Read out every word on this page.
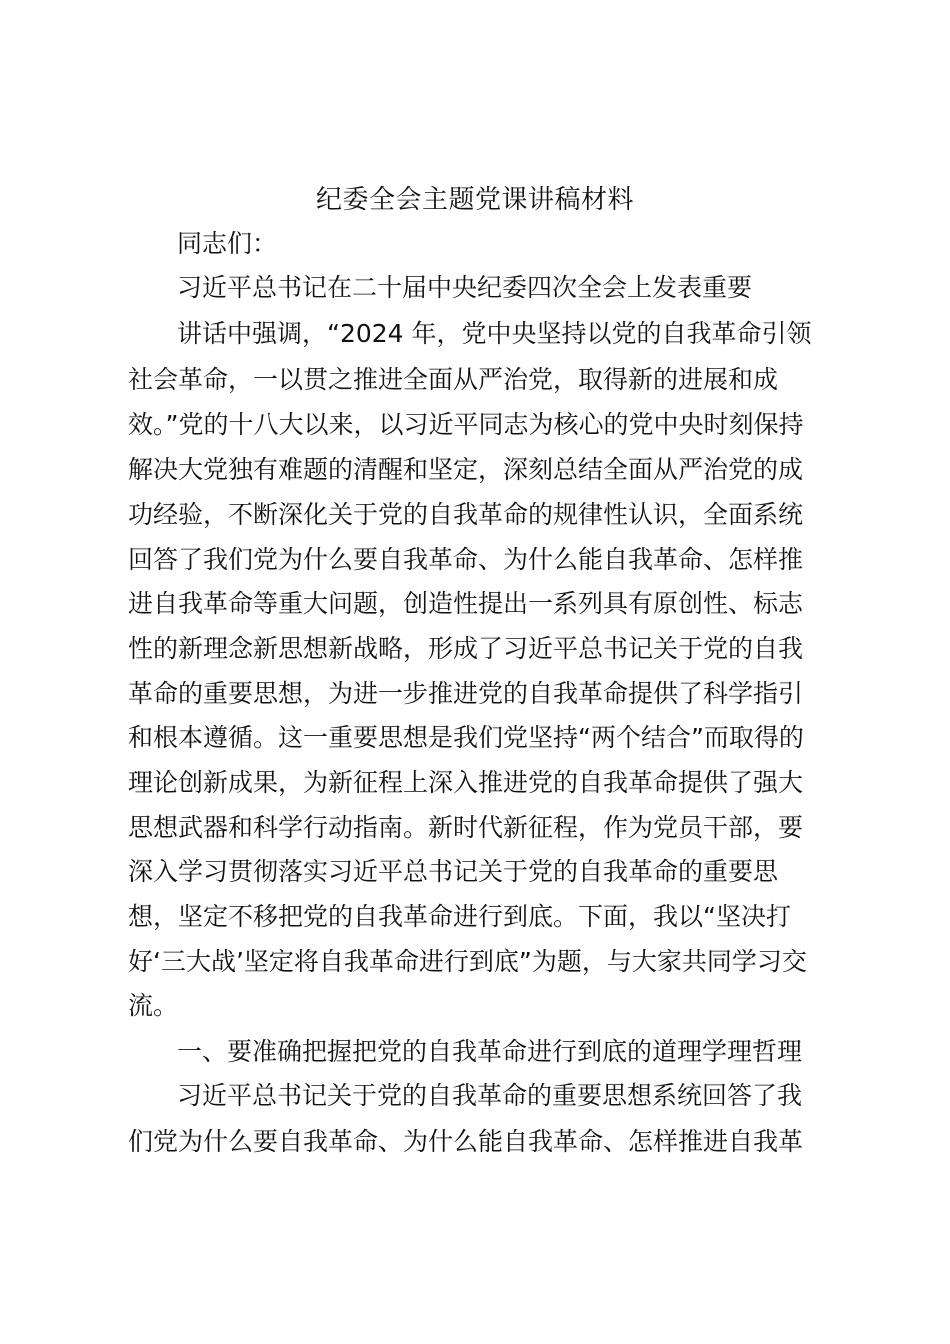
纪委全会主题党课讲稿材料
同志们：
习近平总书记在二十届中央纪委四次全会上发表重要
讲话中强调，“2024 年，党中央坚持以党的自我革命引领
社会革命，一以贯之推进全面从严治党，取得新的进展和成
效。”党的十八大以来，以习近平同志为核心的党中央时刻保持
解决大党独有难题的清醒和坚定，深刻总结全面从严治党的成
功经验，不断深化关于党的自我革命的规律性认识，全面系统
回答了我们党为什么要自我革命、为什么能自我革命、怎样推
进自我革命等重大问题，创造性提出一系列具有原创性、标志
性的新理念新思想新战略，形成了习近平总书记关于党的自我
革命的重要思想，为进一步推进党的自我革命提供了科学指引
和根本遵循。这一重要思想是我们党坚持“两个结合”而取得的
理论创新成果，为新征程上深入推进党的自我革命提供了强大
思想武器和科学行动指南。新时代新征程，作为党员干部，要
深入学习贯彻落实习近平总书记关于党的自我革命的重要思
想，坚定不移把党的自我革命进行到底。下面，我以“坚决打
好‘三大战’坚定将自我革命进行到底”为题，与大家共同学习交
流。
一、要准确把握把党的自我革命进行到底的道理学理哲理
习近平总书记关于党的自我革命的重要思想系统回答了我
们党为什么要自我革命、为什么能自我革命、怎样推进自我革
